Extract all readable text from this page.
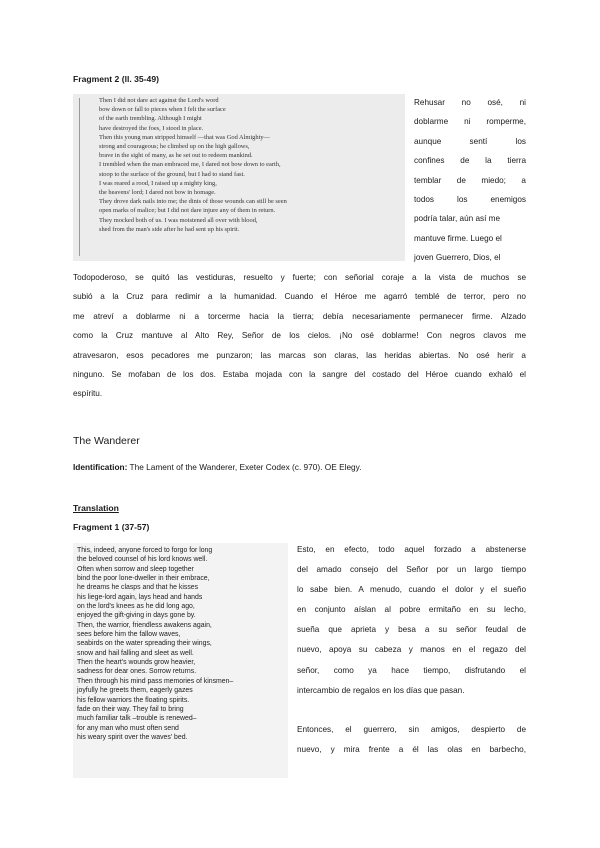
Fragment 2 (ll. 35-49)
Then I did not dare act against the Lord's word
bow down or fall to pieces when I felt the surface
of the earth trembling. Although I might
have destroyed the foes, I stood in place.
Then this young man stripped himself —that was God Almighty—
strong and courageous; he climbed up on the high gallows,
brave in the sight of many, as he set out to redeem mankind.
I trembled when the man embraced me, I dared not bow down to earth,
stoop to the surface of the ground, but I had to stand fast.
I was reared a rood, I raised up a mighty king,
the heavens' lord; I dared not bow in homage.
They drove dark nails into me; the dints of those wounds can still be seen
open marks of malice; but I did not dare injure any of them in return.
They mocked both of us. I was moistened all over with blood,
shed from the man's side after he had sent up his spirit.
Rehusar no osé, ni
doblarme ni romperme,
aunque sentí los
confines de la tierra
temblar de miedo; a
todos los enemigos
podría talar, aún así me
mantuve firme. Luego el
joven Guerrero, Dios, el
Todopoderoso, se quitó las vestiduras, resuelto y fuerte; con señorial coraje a la vista de muchos se
subió a la Cruz para redimir a la humanidad. Cuando el Héroe me agarró temblé de terror, pero no
me atreví a doblarme ni a torcerme hacia la tierra; debía necesariamente permanecer firme. Alzado
como la Cruz mantuve al Alto Rey, Señor de los cielos. ¡No osé doblarme! Con negros clavos me
atravesaron, esos pecadores me punzaron; las marcas son claras, las heridas abiertas. No osé herir a
ninguno. Se mofaban de los dos. Estaba mojada con la sangre del costado del Héroe cuando exhaló el
espíritu.
The Wanderer
Identification: The Lament of the Wanderer, Exeter Codex (c. 970). OE Elegy.
Translation
Fragment 1 (37-57)
This, indeed, anyone forced to forgo for long
the beloved counsel of his lord knows well.
Often when sorrow and sleep together
bind the poor lone-dweller in their embrace,
he dreams he clasps and that he kisses
his liege-lord again, lays head and hands
on the lord's knees as he did long ago,
enjoyed the gift-giving in days gone by.
Then, the warrior, friendless awakens again,
sees before him the fallow waves,
seabirds on the water spreading their wings,
snow and hail falling and sleet as well.
Then the heart's wounds grow heavier,
sadness for dear ones. Sorrow returns.
Then through his mind pass memories of kinsmen–
joyfully he greets them, eagerly gazes
his fellow warriors the floating spirits.
fade on their way. They fail to bring
much familiar talk –trouble is renewed–
for any man who must often send
his weary spirit over the waves' bed.
Esto, en efecto, todo aquel forzado a abstenerse
del amado consejo del Señor por un largo tiempo
lo sabe bien. A menudo, cuando el dolor y el sueño
en conjunto aíslan al pobre ermitaño en su lecho,
sueña que aprieta y besa a su señor feudal de
nuevo, apoya su cabeza y manos en el regazo del
señor, como ya hace tiempo, disfrutando el
intercambio de regalos en los días que pasan.
Entonces, el guerrero, sin amigos, despierto de
nuevo, y mira frente a él las olas en barbecho,
